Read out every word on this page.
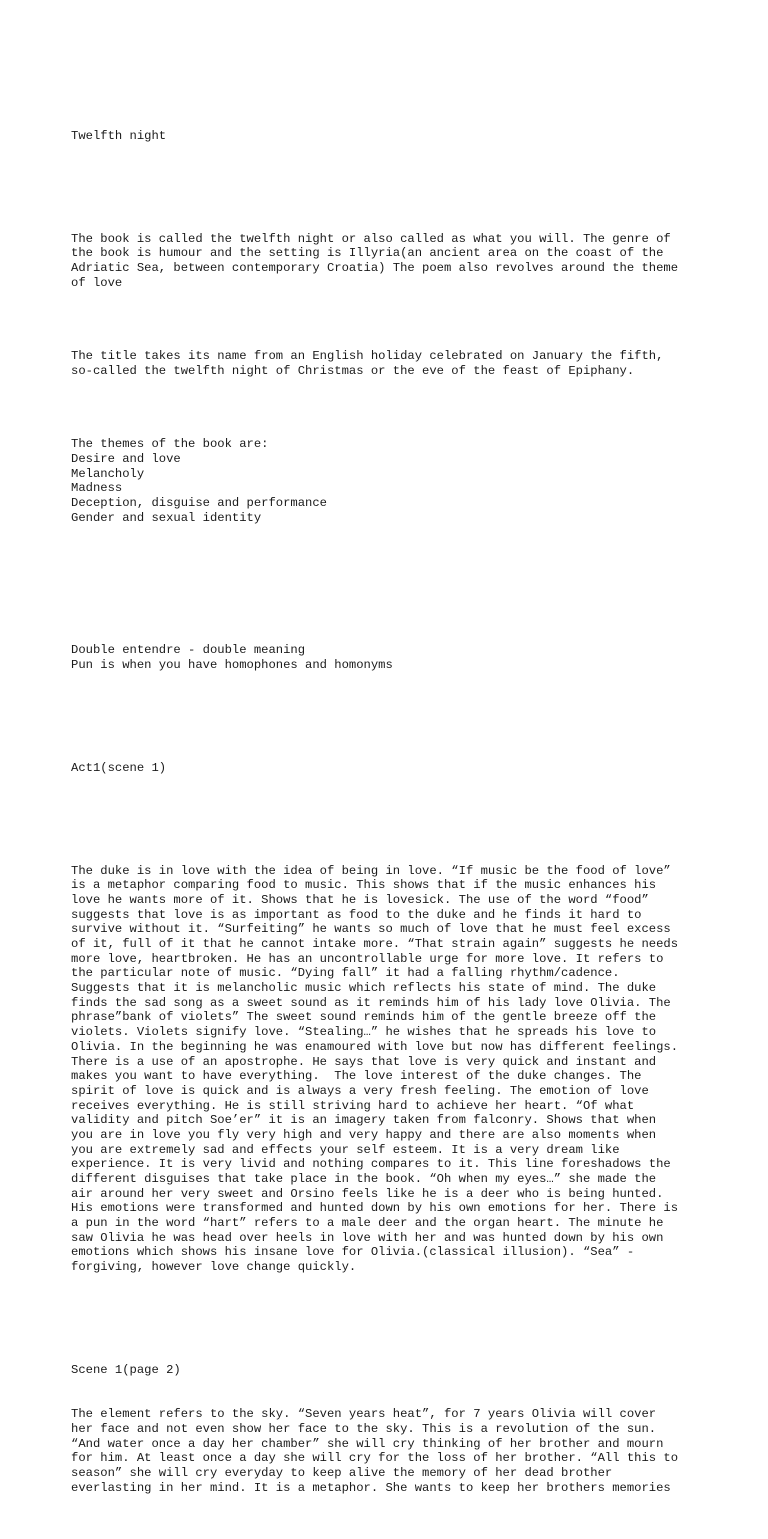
Twelfth night

The book is called the twelfth night or also called as what you will. The genre of
the book is humour and the setting is Illyria(an ancient area on the coast of the
Adriatic Sea, between contemporary Croatia) The poem also revolves around the theme
of love

The title takes its name from an English holiday celebrated on January the fifth,
so-called the twelfth night of Christmas or the eve of the feast of Epiphany.

The themes of the book are:
Desire and love
Melancholy
Madness
Deception, disguise and performance
Gender and sexual identity

Double entendre - double meaning
Pun is when you have homophones and homonyms

Act1(scene 1)

The duke is in love with the idea of being in love. “If music be the food of love”
is a metaphor comparing food to music. This shows that if the music enhances his
love he wants more of it. Shows that he is lovesick. The use of the word “food”
suggests that love is as important as food to the duke and he finds it hard to
survive without it. “Surfeiting” he wants so much of love that he must feel excess
of it, full of it that he cannot intake more. “That strain again” suggests he needs
more love, heartbroken. He has an uncontrollable urge for more love. It refers to
the particular note of music. “Dying fall” it had a falling rhythm/cadence.
Suggests that it is melancholic music which reflects his state of mind. The duke
finds the sad song as a sweet sound as it reminds him of his lady love Olivia. The
phrase”bank of violets” The sweet sound reminds him of the gentle breeze off the
violets. Violets signify love. “Stealing…” he wishes that he spreads his love to
Olivia. In the beginning he was enamoured with love but now has different feelings.
There is a use of an apostrophe. He says that love is very quick and instant and
makes you want to have everything.  The love interest of the duke changes. The
spirit of love is quick and is always a very fresh feeling. The emotion of love
receives everything. He is still striving hard to achieve her heart. “Of what
validity and pitch Soe’er” it is an imagery taken from falconry. Shows that when
you are in love you fly very high and very happy and there are also moments when
you are extremely sad and effects your self esteem. It is a very dream like
experience. It is very livid and nothing compares to it. This line foreshadows the
different disguises that take place in the book. “Oh when my eyes…” she made the
air around her very sweet and Orsino feels like he is a deer who is being hunted.
His emotions were transformed and hunted down by his own emotions for her. There is
a pun in the word “hart” refers to a male deer and the organ heart. The minute he
saw Olivia he was head over heels in love with her and was hunted down by his own
emotions which shows his insane love for Olivia.(classical illusion). “Sea” -
forgiving, however love change quickly.

Scene 1(page 2)

The element refers to the sky. “Seven years heat”, for 7 years Olivia will cover
her face and not even show her face to the sky. This is a revolution of the sun.
“And water once a day her chamber” she will cry thinking of her brother and mourn
for him. At least once a day she will cry for the loss of her brother. “All this to
season” she will cry everyday to keep alive the memory of her dead brother
everlasting in her mind. It is a metaphor. She wants to keep her brothers memories
